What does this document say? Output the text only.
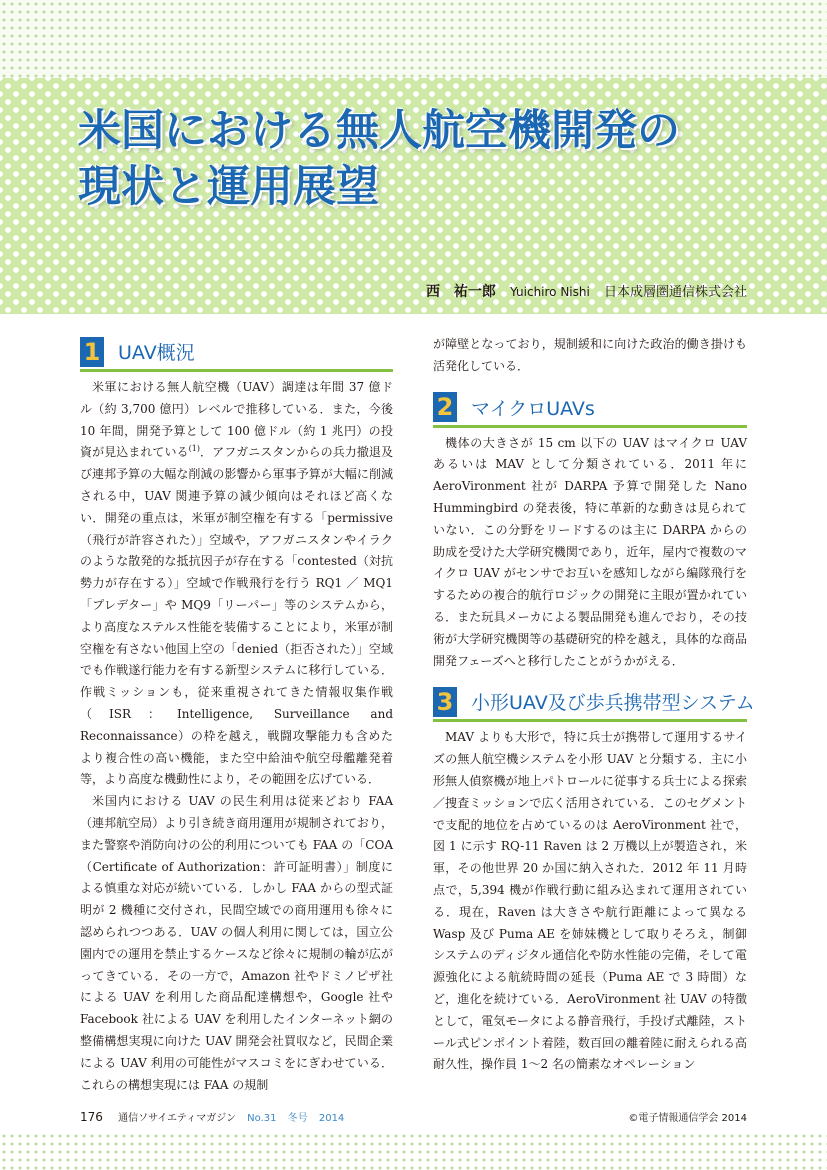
米国における無人航空機開発の
現状と運用展望
西　祐一郎 Yuichiro Nishi 日本成層圏通信株式会社
1 UAV概況

米軍における無人航空機（UAV）調達は年間 37 億ドル（約 3,700 億円）レベルで推移している．また，今後 10 年間，開発予算として 100 億ドル（約 1 兆円）の投資が見込まれている$^{(1)}$．アフガニスタンからの兵力撤退及び連邦予算の大幅な削減の影響から軍事予算が大幅に削減される中，UAV 関連予算の減少傾向はそれほど高くない．開発の重点は，米軍が制空権を有する「permissive（飛行が許容された）」空域や，アフガニスタンやイラクのような散発的な抵抗因子が存在する「contested（対抗勢力が存在する）」空域で作戦飛行を行う RQ1 ／ MQ1「プレデター」や MQ9「リーパー」等のシステムから，より高度なステルス性能を装備することにより，米軍が制空権を有さない他国上空の「denied（拒否された）」空域でも作戦遂行能力を有する新型システムに移行している．作戦ミッションも，従来重視されてきた情報収集作戦（ISR：Intelligence, Surveillance and Reconnaissance）の枠を越え，戦闘攻撃能力も含めたより複合性の高い機能，また空中給油や航空母艦離発着等，より高度な機動性により，その範囲を広げている．

米国内における UAV の民生利用は従来どおり FAA（連邦航空局）より引き続き商用運用が規制されており，また警察や消防向けの公的利用についても FAA の「COA（Certificate of Authorization：許可証明書）」制度による慎重な対応が続いている．しかし FAA からの型式証明が 2 機種に交付され，民間空域での商用運用も徐々に認められつつある．UAV の個人利用に関しては，国立公園内での運用を禁止するケースなど徐々に規制の輪が広がってきている．その一方で，Amazon 社やドミノピザ社による UAV を利用した商品配達構想や，Google 社や Facebook 社による UAV を利用したインターネット網の整備構想実現に向けた UAV 開発会社買収など，民間企業による UAV 利用の可能性がマスコミをにぎわせている．これらの構想実現には FAA の規制

が障壁となっており，規制緩和に向けた政治的働き掛けも活発化している．

2 マイクロUAVs

機体の大きさが 15 cm 以下の UAV はマイクロ UAV あるいは MAV として分類されている．2011 年に AeroVironment 社が DARPA 予算で開発した Nano Hummingbird の発表後，特に革新的な動きは見られていない．この分野をリードするのは主に DARPA からの助成を受けた大学研究機関であり，近年，屋内で複数のマイクロ UAV がセンサでお互いを感知しながら編隊飛行をするための複合的航行ロジックの開発に主眼が置かれている．また玩具メーカによる製品開発も進んでおり，その技術が大学研究機関等の基礎研究的枠を越え，具体的な商品開発フェーズへと移行したことがうかがえる．

3 小形UAV及び歩兵携帯型システム

MAV よりも大形で，特に兵士が携帯して運用するサイズの無人航空機システムを小形 UAV と分類する．主に小形無人偵察機が地上パトロールに従事する兵士による探索／捜査ミッションで広く活用されている．このセグメントで支配的地位を占めているのは AeroVironment 社で，図 1 に示す RQ-11 Raven は 2 万機以上が製造され，米軍，その他世界 20 か国に納入された．2012 年 11 月時点で，5,394 機が作戦行動に組み込まれて運用されている．現在，Raven は大きさや航行距離によって異なる Wasp 及び Puma AE を姉妹機として取りそろえ，制御システムのディジタル通信化や防水性能の完備，そして電源強化による航続時間の延長（Puma AE で 3 時間）など，進化を続けている．AeroVironment 社 UAV の特徴として，電気モータによる静音飛行，手投げ式離陸，ストール式ピンポイント着陸，数百回の離着陸に耐えられる高耐久性，操作員 1～2 名の簡素なオペレーション

176 通信ソサイエティマガジン No.31 冬号 2014	©電子情報通信学会 2014
